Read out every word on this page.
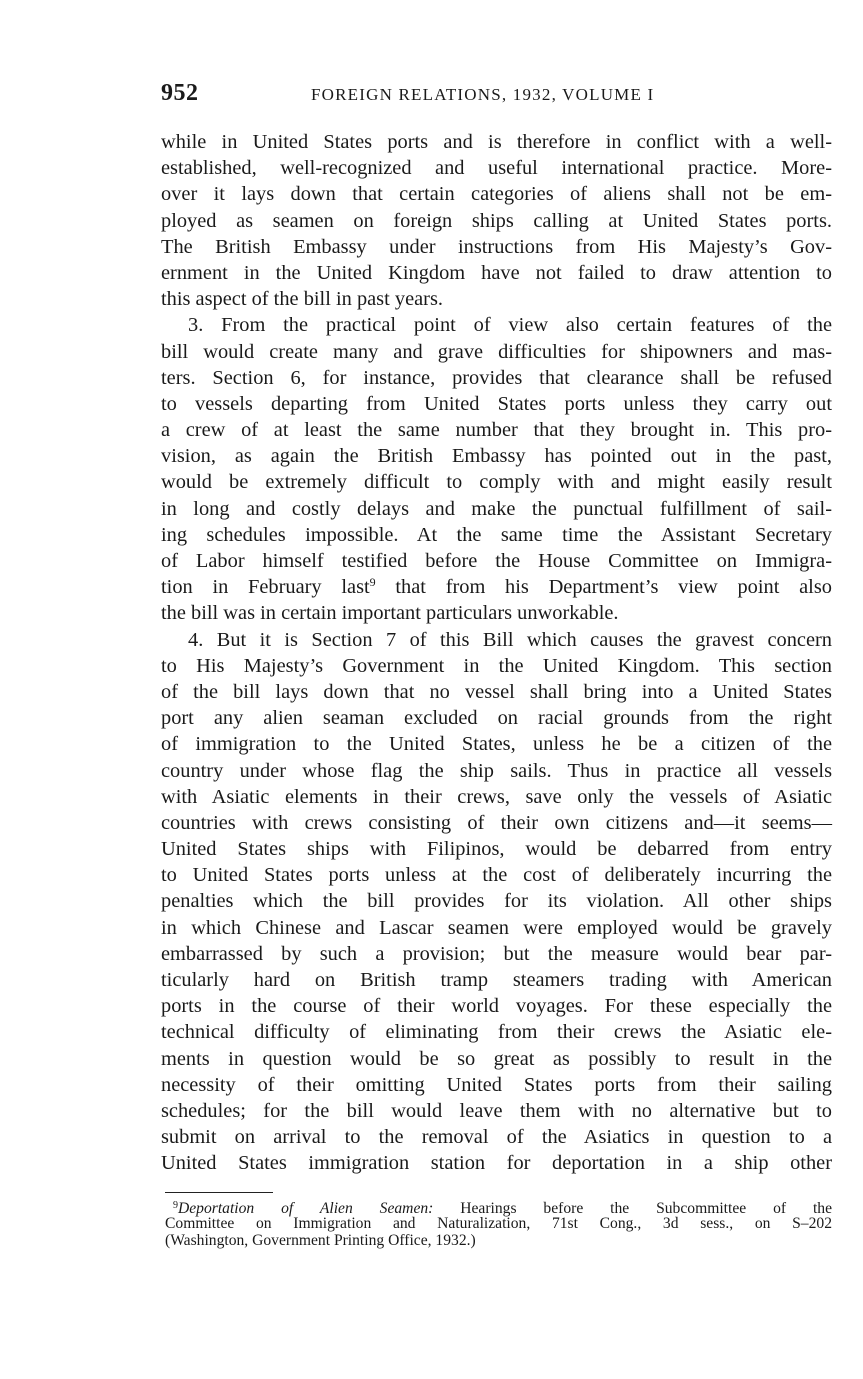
952	FOREIGN RELATIONS, 1932, VOLUME I
while in United States ports and is therefore in conflict with a well-
established, well-recognized and useful international practice. More-
over it lays down that certain categories of aliens shall not be em-
ployed as seamen on foreign ships calling at United States ports.
The British Embassy under instructions from His Majesty’s Gov-
ernment in the United Kingdom have not failed to draw attention to
this aspect of the bill in past years.
3. From the practical point of view also certain features of the
bill would create many and grave difficulties for shipowners and mas-
ters. Section 6, for instance, provides that clearance shall be refused
to vessels departing from United States ports unless they carry out
a crew of at least the same number that they brought in. This pro-
vision, as again the British Embassy has pointed out in the past,
would be extremely difficult to comply with and might easily result
in long and costly delays and make the punctual fulfillment of sail-
ing schedules impossible. At the same time the Assistant Secretary
of Labor himself testified before the House Committee on Immigra-
tion in February last$^9$ that from his Department’s view point also
the bill was in certain important particulars unworkable.
4. But it is Section 7 of this Bill which causes the gravest concern
to His Majesty’s Government in the United Kingdom. This section
of the bill lays down that no vessel shall bring into a United States
port any alien seaman excluded on racial grounds from the right
of immigration to the United States, unless he be a citizen of the
country under whose flag the ship sails. Thus in practice all vessels
with Asiatic elements in their crews, save only the vessels of Asiatic
countries with crews consisting of their own citizens and—it seems—
United States ships with Filipinos, would be debarred from entry
to United States ports unless at the cost of deliberately incurring the
penalties which the bill provides for its violation. All other ships
in which Chinese and Lascar seamen were employed would be gravely
embarrassed by such a provision; but the measure would bear par-
ticularly hard on British tramp steamers trading with American
ports in the course of their world voyages. For these especially the
technical difficulty of eliminating from their crews the Asiatic ele-
ments in question would be so great as possibly to result in the
necessity of their omitting United States ports from their sailing
schedules; for the bill would leave them with no alternative but to
submit on arrival to the removal of the Asiatics in question to a
United States immigration station for deportation in a ship other
$^9$Deportation of Alien Seamen: Hearings before the Subcommittee of the
Committee on Immigration and Naturalization, 71st Cong., 3d sess., on S–202
(Washington, Government Printing Office, 1932.)
